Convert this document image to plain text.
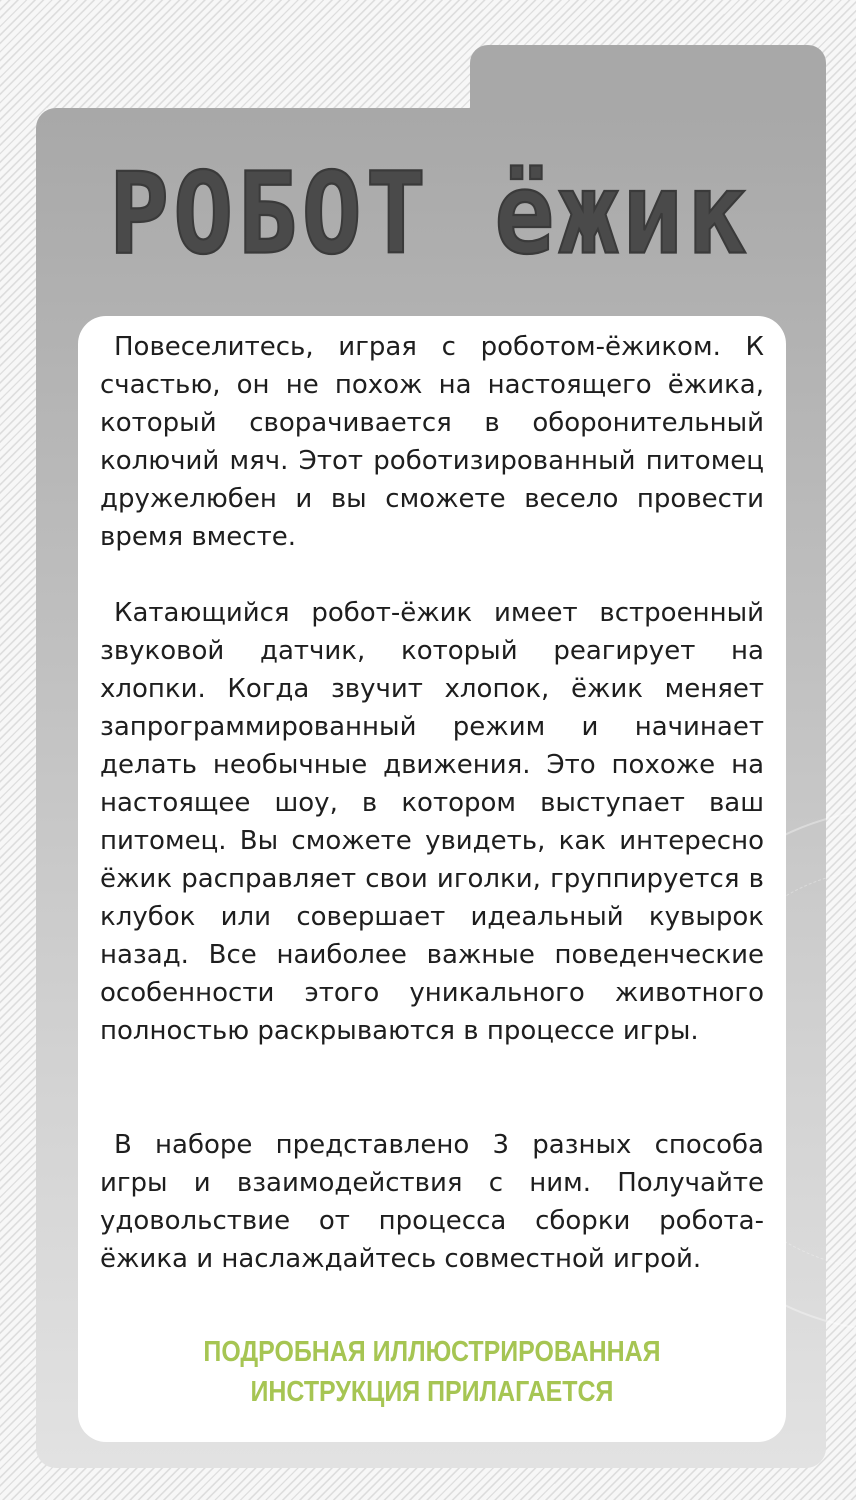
РОБОТ ёжик

Повеселитесь, играя с роботом-ёжиком. К счастью, он не похож на настоящего ёжика, который сворачивается в оборонительный колючий мяч. Этот роботизированный питомец дружелюбен и вы сможете весело провести время вместе.

Катающийся робот-ёжик имеет встроенный звуковой датчик, который реагирует на хлопки. Когда звучит хлопок, ёжик меняет запрограммированный режим и начинает делать необычные движения. Это похоже на настоящее шоу, в котором выступает ваш питомец. Вы сможете увидеть, как интересно ёжик расправляет свои иголки, группируется в клубок или совершает идеальный кувырок назад. Все наиболее важные поведенческие особенности этого уникального животного полностью раскрываются в процессе игры.

В наборе представлено 3 разных способа игры и взаимодействия с ним. Получайте удовольствие от процесса сборки робота-ёжика и наслаждайтесь совместной игрой.

ПОДРОБНАЯ ИЛЛЮСТРИРОВАННАЯ
ИНСТРУКЦИЯ ПРИЛАГАЕТСЯ
